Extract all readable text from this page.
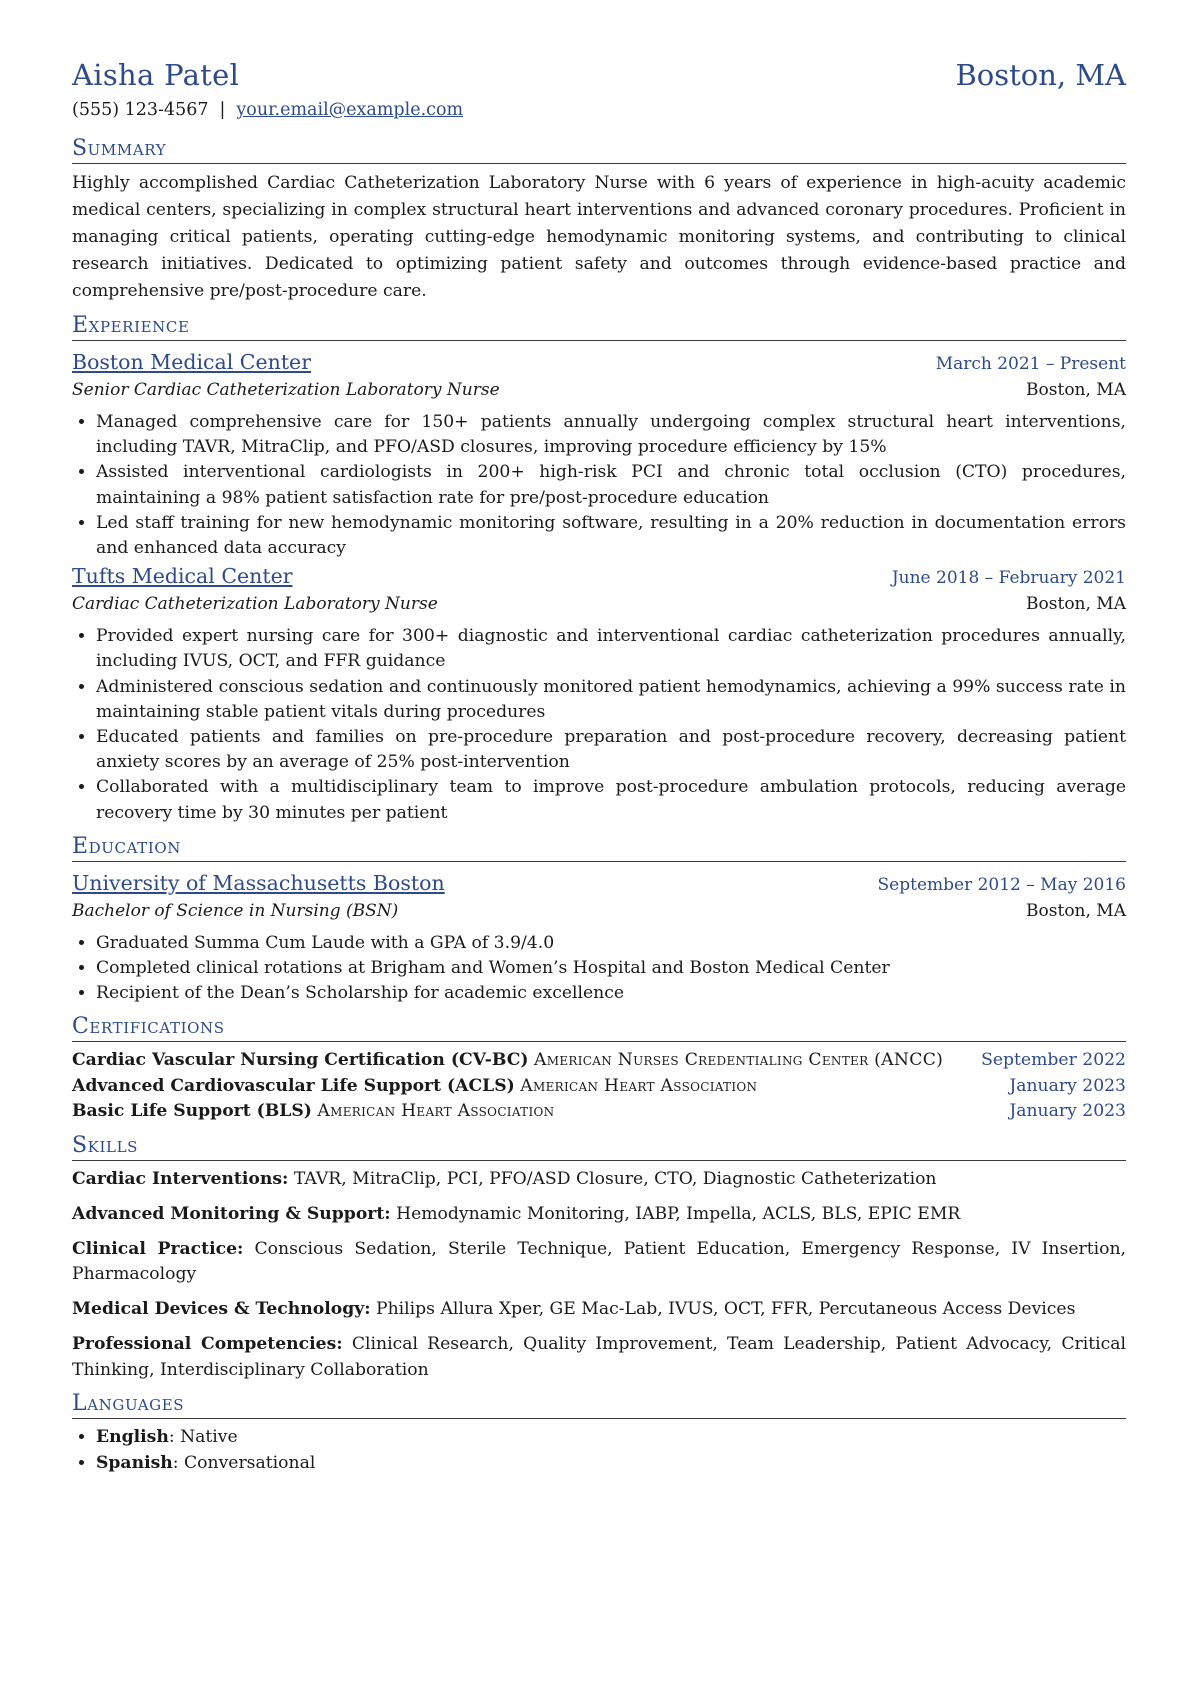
Aisha Patel	Boston, MA
(555) 123-4567 | your.email@example.com
Summary
Highly accomplished Cardiac Catheterization Laboratory Nurse with 6 years of experience in high-acuity academic medical centers, specializing in complex structural heart interventions and advanced coronary procedures. Proficient in managing critical patients, operating cutting-edge hemodynamic monitoring systems, and contributing to clinical research initiatives. Dedicated to optimizing patient safety and outcomes through evidence-based practice and comprehensive pre/post-procedure care.
Experience
Boston Medical Center	March 2021 – Present
Senior Cardiac Catheterization Laboratory Nurse	Boston, MA
• Managed comprehensive care for 150+ patients annually undergoing complex structural heart interventions, including TAVR, MitraClip, and PFO/ASD closures, improving procedure efficiency by 15%
• Assisted interventional cardiologists in 200+ high-risk PCI and chronic total occlusion (CTO) procedures, maintaining a 98% patient satisfaction rate for pre/post-procedure education
• Led staff training for new hemodynamic monitoring software, resulting in a 20% reduction in documentation errors and enhanced data accuracy
Tufts Medical Center	June 2018 – February 2021
Cardiac Catheterization Laboratory Nurse	Boston, MA
• Provided expert nursing care for 300+ diagnostic and interventional cardiac catheterization procedures annually, including IVUS, OCT, and FFR guidance
• Administered conscious sedation and continuously monitored patient hemodynamics, achieving a 99% success rate in maintaining stable patient vitals during procedures
• Educated patients and families on pre-procedure preparation and post-procedure recovery, decreasing patient anxiety scores by an average of 25% post-intervention
• Collaborated with a multidisciplinary team to improve post-procedure ambulation protocols, reducing average recovery time by 30 minutes per patient
Education
University of Massachusetts Boston	September 2012 – May 2016
Bachelor of Science in Nursing (BSN)	Boston, MA
• Graduated Summa Cum Laude with a GPA of 3.9/4.0
• Completed clinical rotations at Brigham and Women’s Hospital and Boston Medical Center
• Recipient of the Dean’s Scholarship for academic excellence
Certifications
Cardiac Vascular Nursing Certification (CV-BC) American Nurses Credentialing Center (ANCC) September 2022
Advanced Cardiovascular Life Support (ACLS) American Heart Association	January 2023
Basic Life Support (BLS) American Heart Association	January 2023
Skills
Cardiac Interventions: TAVR, MitraClip, PCI, PFO/ASD Closure, CTO, Diagnostic Catheterization
Advanced Monitoring & Support: Hemodynamic Monitoring, IABP, Impella, ACLS, BLS, EPIC EMR
Clinical Practice: Conscious Sedation, Sterile Technique, Patient Education, Emergency Response, IV Insertion, Pharmacology
Medical Devices & Technology: Philips Allura Xper, GE Mac-Lab, IVUS, OCT, FFR, Percutaneous Access Devices
Professional Competencies: Clinical Research, Quality Improvement, Team Leadership, Patient Advocacy, Critical Thinking, Interdisciplinary Collaboration
Languages
• English: Native
• Spanish: Conversational
